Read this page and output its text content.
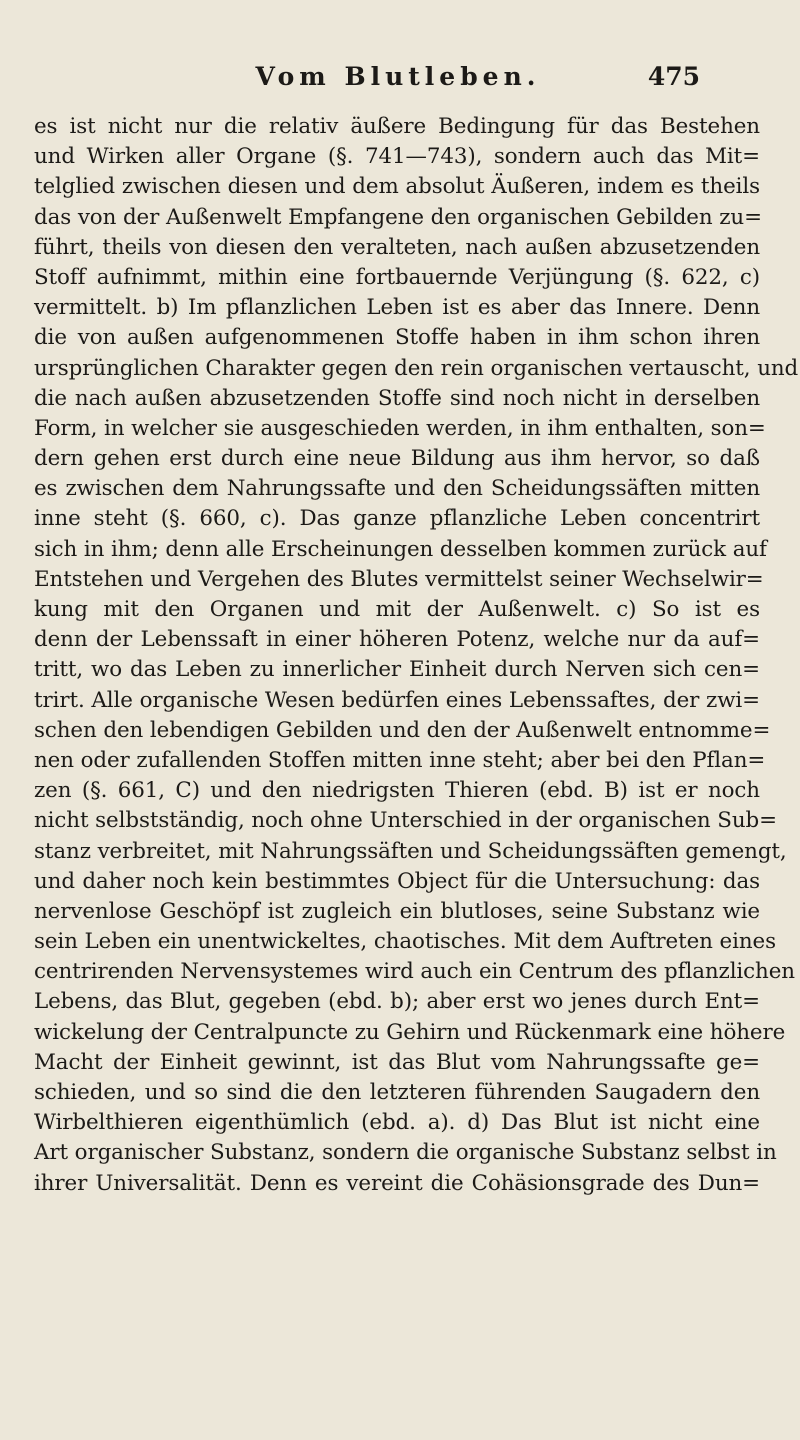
Vom Blutleben.	475
es ist nicht nur die relativ äußere Bedingung für das Bestehen
und Wirken aller Organe (§. 741—743), sondern auch das Mit=
telglied zwischen diesen und dem absolut Äußeren, indem es theils
das von der Außenwelt Empfangene den organischen Gebilden zu=
führt, theils von diesen den veralteten, nach außen abzusetzenden
Stoff aufnimmt, mithin eine fortbauernde Verjüngung (§. 622, c)
vermittelt. b) Im pflanzlichen Leben ist es aber das Innere. Denn
die von außen aufgenommenen Stoffe haben in ihm schon ihren
ursprünglichen Charakter gegen den rein organischen vertauscht, und
die nach außen abzusetzenden Stoffe sind noch nicht in derselben
Form, in welcher sie ausgeschieden werden, in ihm enthalten, son=
dern gehen erst durch eine neue Bildung aus ihm hervor, so daß
es zwischen dem Nahrungssafte und den Scheidungssäften mitten
inne steht (§. 660, c). Das ganze pflanzliche Leben concentrirt
sich in ihm; denn alle Erscheinungen desselben kommen zurück auf
Entstehen und Vergehen des Blutes vermittelst seiner Wechselwir=
kung mit den Organen und mit der Außenwelt. c) So ist es
denn der Lebenssaft in einer höheren Potenz, welche nur da auf=
tritt, wo das Leben zu innerlicher Einheit durch Nerven sich cen=
trirt. Alle organische Wesen bedürfen eines Lebenssaftes, der zwi=
schen den lebendigen Gebilden und den der Außenwelt entnomme=
nen oder zufallenden Stoffen mitten inne steht; aber bei den Pflan=
zen (§. 661, C) und den niedrigsten Thieren (ebd. B) ist er noch
nicht selbstständig, noch ohne Unterschied in der organischen Sub=
stanz verbreitet, mit Nahrungssäften und Scheidungssäften gemengt,
und daher noch kein bestimmtes Object für die Untersuchung: das
nervenlose Geschöpf ist zugleich ein blutloses, seine Substanz wie
sein Leben ein unentwickeltes, chaotisches. Mit dem Auftreten eines
centrirenden Nervensystemes wird auch ein Centrum des pflanzlichen
Lebens, das Blut, gegeben (ebd. b); aber erst wo jenes durch Ent=
wickelung der Centralpuncte zu Gehirn und Rückenmark eine höhere
Macht der Einheit gewinnt, ist das Blut vom Nahrungssafte ge=
schieden, und so sind die den letzteren führenden Saugadern den
Wirbelthieren eigenthümlich (ebd. a). d) Das Blut ist nicht eine
Art organischer Substanz, sondern die organische Substanz selbst in
ihrer Universalität. Denn es vereint die Cohäsionsgrade des Dun=
